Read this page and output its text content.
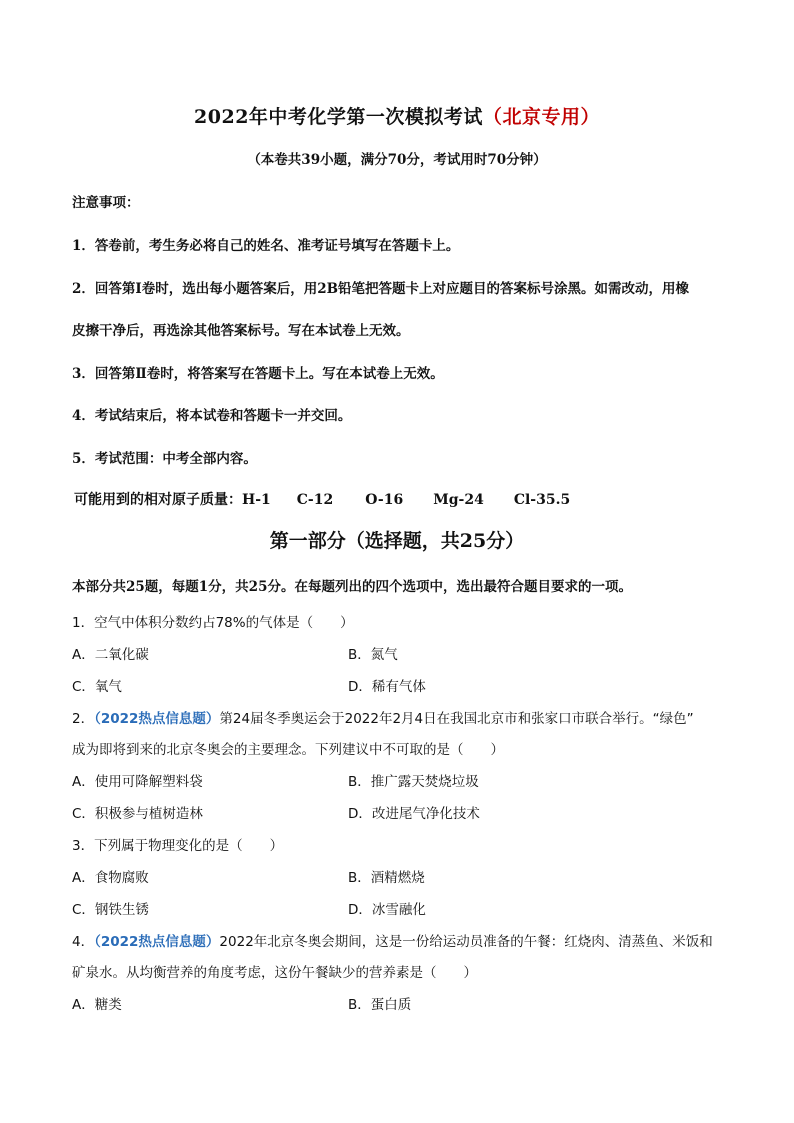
2022年中考化学第一次模拟考试（北京专用）
（本卷共39小题，满分70分，考试用时70分钟）
注意事项：
1．答卷前，考生务必将自己的姓名、准考证号填写在答题卡上。
2．回答第Ⅰ卷时，选出每小题答案后，用2B铅笔把答题卡上对应题目的答案标号涂黑。如需改动，用橡
皮擦干净后，再选涂其他答案标号。写在本试卷上无效。
3．回答第Ⅱ卷时，将答案写在答题卡上。写在本试卷上无效。
4．考试结束后，将本试卷和答题卡一并交回。
5．考试范围：中考全部内容。
可能用到的相对原子质量：H-1 C-12 O-16 Mg-24 Cl-35.5
第一部分（选择题，共25分）
本部分共25题，每题1分，共25分。在每题列出的四个选项中，选出最符合题目要求的一项。
1．空气中体积分数约占78%的气体是（　　）
A．二氧化碳	B．氮气
C．氧气	D．稀有气体
2．（2022热点信息题）第24届冬季奥运会于2022年2月4日在我国北京市和张家口市联合举行。“绿色”
成为即将到来的北京冬奥会的主要理念。下列建议中不可取的是（　　）
A．使用可降解塑料袋	B．推广露天焚烧垃圾
C．积极参与植树造林	D．改进尾气净化技术
3．下列属于物理变化的是（　　）
A．食物腐败	B．酒精燃烧
C．钢铁生锈	D．冰雪融化
4．（2022热点信息题）2022年北京冬奥会期间，这是一份给运动员准备的午餐：红烧肉、清蒸鱼、米饭和
矿泉水。从均衡营养的角度考虑，这份午餐缺少的营养素是（　　）
A．糖类	B．蛋白质
